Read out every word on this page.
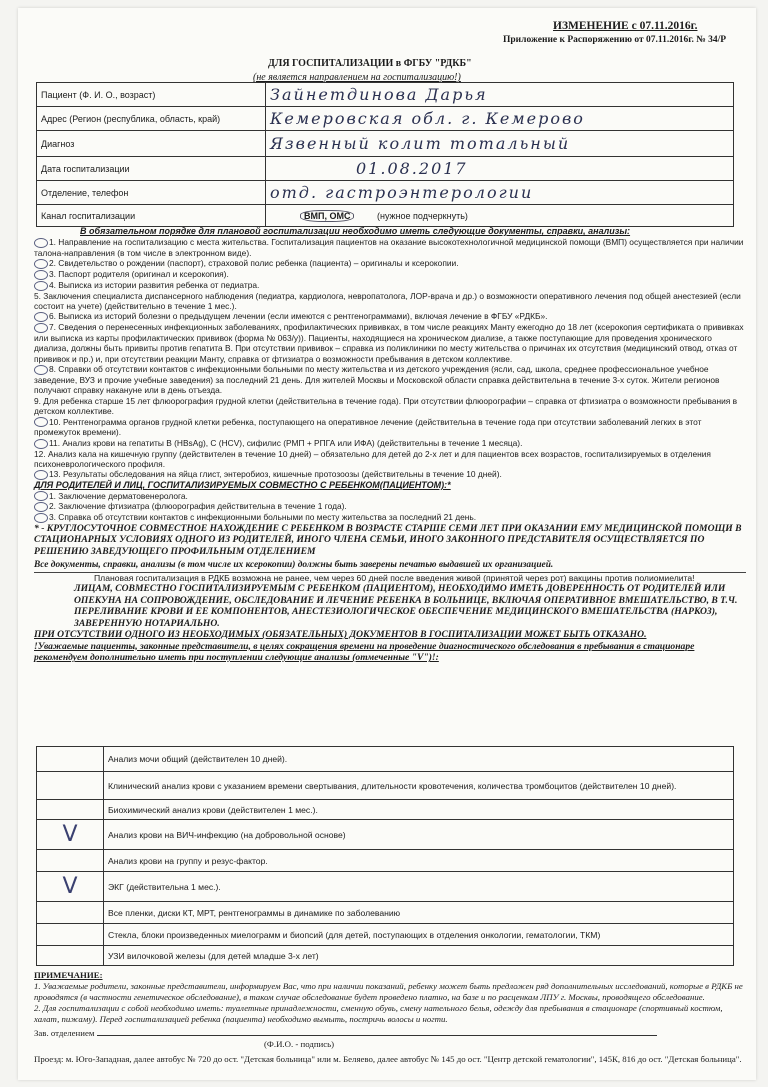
ИЗМЕНЕНИЕ с 07.11.2016г.
Приложение к Распоряжению от 07.11.2016г. № 34/Р
ДЛЯ ГОСПИТАЛИЗАЦИИ в ФГБУ "РДКБ"
(не является направлением на госпитализацию!)
Пациент (Ф. И. О., возраст)	Зайнетдинова Дарья
Адрес (Регион (республика, область, край)	Кемеровская обл. г. Кемерово
Диагноз	Язвенный колит тотальный
Дата госпитализации	01.08.2017
Отделение, телефон	отд. гастроэнтерологии
Канал госпитализации	ВМП, ОМС (нужное подчеркнуть)
В обязательном порядке для плановой госпитализации необходимо иметь следующие документы, справки, анализы:

1. Направление на госпитализацию с места жительства. Госпитализация пациентов на оказание высокотехнологичной медицинской помощи (ВМП) осуществляется при наличии талона-направления (в том числе в электронном виде).

2. Свидетельство о рождении (паспорт), страховой полис ребенка (пациента) – оригиналы и ксерокопии.

3. Паспорт родителя (оригинал и ксерокопия).

4. Выписка из истории развития ребенка от педиатра.

5. Заключения специалиста диспансерного наблюдения (педиатра, кардиолога, невропатолога, ЛОР-врача и др.) о возможности оперативного лечения под общей анестезией (если состоит на учете) (действительно в течение 1 мес.).

6. Выписка из историй болезни о предыдущем лечении (если имеются с рентгенограммами), включая лечение в ФГБУ «РДКБ».

7. Сведения о перенесенных инфекционных заболеваниях, профилактических прививках, в том числе реакциях Манту ежегодно до 18 лет (ксерокопия сертификата о прививках или выписка из карты профилактических прививок (форма № 063/у)). Пациенты, находящиеся на хроническом диализе, а также поступающие для проведения хронического диализа, должны быть привиты против гепатита В. При отсутствии прививок – справка из поликлиники по месту жительства о причинах их отсутствия (медицинский отвод, отказ от прививок и пр.) и, при отсутствии реакции Манту, справка от фтизиатра о возможности пребывания в детском коллективе.

8. Справки об отсутствии контактов с инфекционными больными по месту жительства и из детского учреждения (ясли, сад, школа, среднее профессиональное учебное заведение, ВУЗ и прочие учебные заведения) за последний 21 день. Для жителей Москвы и Московской области справка действительна в течение 3-х суток. Жители регионов получают справку накануне или в день отъезда.

9. Для ребенка старше 15 лет флюорография грудной клетки (действительна в течение года). При отсутствии флюорографии – справка от фтизиатра о возможности пребывания в детском коллективе.

10. Рентгенограмма органов грудной клетки ребенка, поступающего на оперативное лечение (действительна в течение года при отсутствии заболеваний легких в этот промежуток времени).

11. Анализ крови на гепатиты В (HBsAg), С (HCV), сифилис (РМП + РПГА или ИФА) (действительны в течение 1 месяца).

12. Анализ кала на кишечную группу (действителен в течение 10 дней) – обязательно для детей до 2-х лет и для пациентов всех возрастов, госпитализируемых в отделения психоневрологического профиля.

13. Результаты обследования на яйца глист, энтеробиоз, кишечные протозоозы (действительны в течение 10 дней).

ДЛЯ РОДИТЕЛЕЙ И ЛИЦ, ГОСПИТАЛИЗИРУЕМЫХ СОВМЕСТНО С РЕБЕНКОМ(ПАЦИЕНТОМ):*

1. Заключение дерматовенеролога.

2. Заключение фтизиатра (флюорография действительна в течение 1 года).

3. Справка об отсутствии контактов с инфекционными больными по месту жительства за последний 21 день.

* - КРУГЛОСУТОЧНОЕ СОВМЕСТНОЕ НАХОЖДЕНИЕ С РЕБЕНКОМ В ВОЗРАСТЕ СТАРШЕ СЕМИ ЛЕТ ПРИ ОКАЗАНИИ ЕМУ МЕДИЦИНСКОЙ ПОМОЩИ В СТАЦИОНАРНЫХ УСЛОВИЯХ ОДНОГО ИЗ РОДИТЕЛЕЙ, ИНОГО ЧЛЕНА СЕМЬИ, ИНОГО ЗАКОННОГО ПРЕДСТАВИТЕЛЯ ОСУЩЕСТВЛЯЕТСЯ ПО РЕШЕНИЮ ЗАВЕДУЮЩЕГО ПРОФИЛЬНЫМ ОТДЕЛЕНИЕМ

Все документы, справки, анализы (в том числе их ксерокопии) должны быть заверены печатью выдавшей их организацией.

Плановая госпитализация в РДКБ возможна не ранее, чем через 60 дней после введения живой (принятой через рот) вакцины против полиомиелита!

ЛИЦАМ, СОВМЕСТНО ГОСПИТАЛИЗИРУЕМЫМ С РЕБЕНКОМ (ПАЦИЕНТОМ), НЕОБХОДИМО ИМЕТЬ ДОВЕРЕННОСТЬ ОТ РОДИТЕЛЕЙ ИЛИ ОПЕКУНА НА СОПРОВОЖДЕНИЕ, ОБСЛЕДОВАНИЕ И ЛЕЧЕНИЕ РЕБЕНКА В БОЛЬНИЦЕ, ВКЛЮЧАЯ ОПЕРАТИВНОЕ ВМЕШАТЕЛЬСТВО, В Т.Ч. ПЕРЕЛИВАНИЕ КРОВИ И ЕЕ КОМПОНЕНТОВ, АНЕСТЕЗИОЛОГИЧЕСКОЕ ОБЕСПЕЧЕНИЕ МЕДИЦИНСКОГО ВМЕШАТЕЛЬСТВА (НАРКОЗ), ЗАВЕРЕННУЮ НОТАРИАЛЬНО.

ПРИ ОТСУТСТВИИ ОДНОГО ИЗ НЕОБХОДИМЫХ (ОБЯЗАТЕЛЬНЫХ) ДОКУМЕНТОВ В ГОСПИТАЛИЗАЦИИ МОЖЕТ БЫТЬ ОТКАЗАНО.

!Уважаемые пациенты, законные представители, в целях сокращения времени на проведение диагностического обследования в пребывания в стационаре рекомендуем дополнительно иметь при поступлении следующие анализы (отмеченные "V")!:

	Анализ мочи общий (действителен 10 дней).
	Клинический анализ крови с указанием времени свертывания, длительности кровотечения, количества тромбоцитов (действителен 10 дней).
	Биохимический анализ крови (действителен 1 мес.).
V	Анализ крови на ВИЧ-инфекцию (на добровольной основе)
	Анализ крови на группу и резус-фактор.
V	ЭКГ (действительна 1 мес.).
	Все пленки, диски КТ, МРТ, рентгенограммы в динамике по заболеванию
	Стекла, блоки произведенных миелограмм и биопсий (для детей, поступающих в отделения онкологии, гематологии, ТКМ)
	УЗИ вилочковой железы (для детей младше 3-х лет)

ПРИМЕЧАНИЕ:

1. Уважаемые родители, законные представители, информируем Вас, что при наличии показаний, ребенку может быть предложен ряд дополнительных исследований, которые в РДКБ не проводятся (в частности генетическое обследование), в таком случае обследование будет проведено платно, на базе и по расценкам ЛПУ г. Москвы, проводящего обследование.

2. Для госпитализации с собой необходимо иметь: туалетные принадлежности, сменную обувь, смену нательного белья, одежду для пребывания в стационаре (спортивный костюм, халат, пижаму). Перед госпитализацией ребенка (пациента) необходимо вымыть, постричь волосы и ногти.

Зав. отделением

(Ф.И.О. - подпись)

Проезд: м. Юго-Западная, далее автобус № 720 до ост. "Детская больница" или м. Беляево, далее автобус № 145 до ост. "Центр детской гематологии", 145К, 816 до ост. "Детская больница".
